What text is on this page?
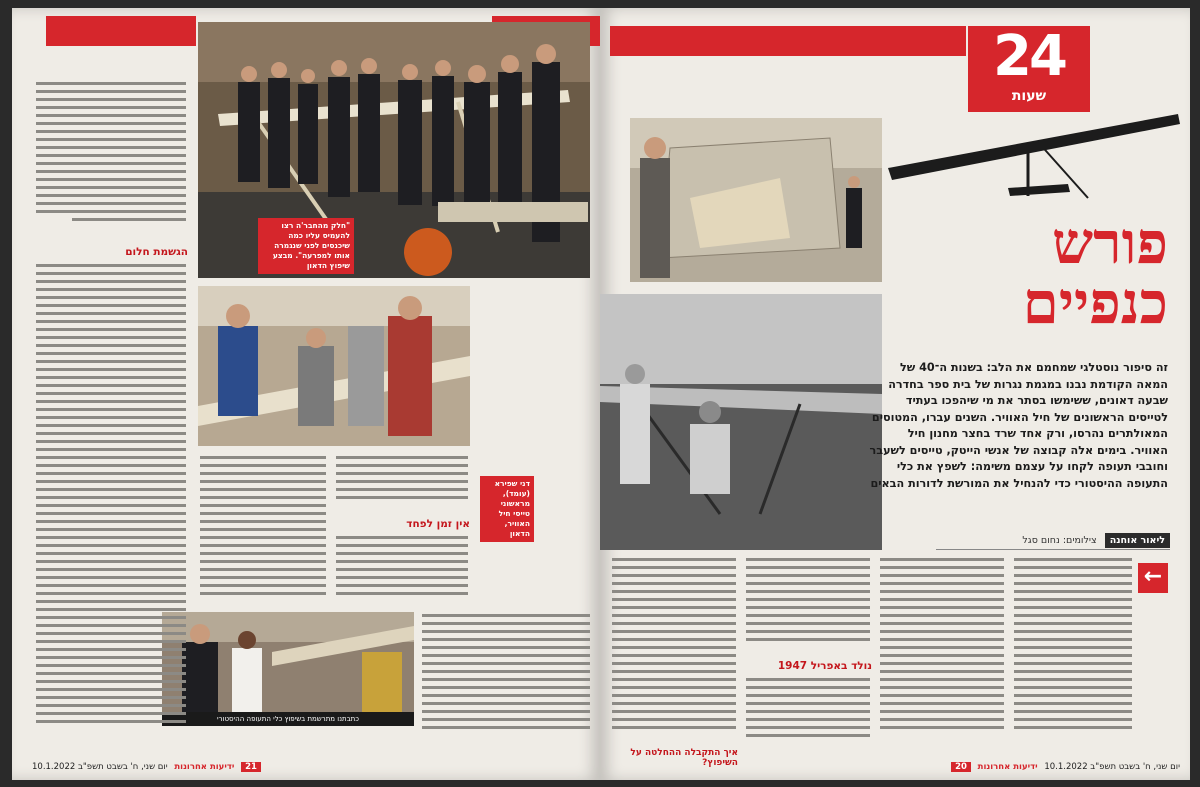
"חלק מהחבר'ה רצו להעמיס עליו כמה שיכנסים לפני שנגמרה אותו למפרעה". מבצע שיפוץ הדאון
כתבתנו מתרשמת בשיפוץ כלי התעופה ההיסטורי
הגשמת חלום
אין זמן לפחד
21 ידיעות אחרונות יום שני, ח' בשבט תשפ"ב 10.1.2022
24
שעות
דני שפירא (עומד), מראשוני טייסי חיל האוויר, הדאון
פורש
כנפיים
זה סיפור נוסטלגי שמחמם את הלב: בשנות ה־40 של המאה הקודמת נבנו במגמת נגרות של בית ספר בחדרה שבעה דאונים, ששימשו בסתר את מי שיהפכו בעתיד לטייסים הראשונים של חיל האוויר. השנים עברו, המטוסים המאולתרים נהרסו, ורק אחד שרד בחצר מחנון חיל האוויר. בימים אלה קבוצה של אנשי הייטק, טייסים לשעבר וחובבי תעופה לקחו על עצמם משימה: לשפץ את כלי התעופה ההיסטורי כדי להנחיל את המורשת לדורות הבאים
ליאור אוחנה צילומים: נחום סגל
איך התקבלה ההחלטה על השיפוץ?
נולד באפריל 1947
←
יום שני, ח' בשבט תשפ"ב 10.1.2022 ידיעות אחרונות 20
